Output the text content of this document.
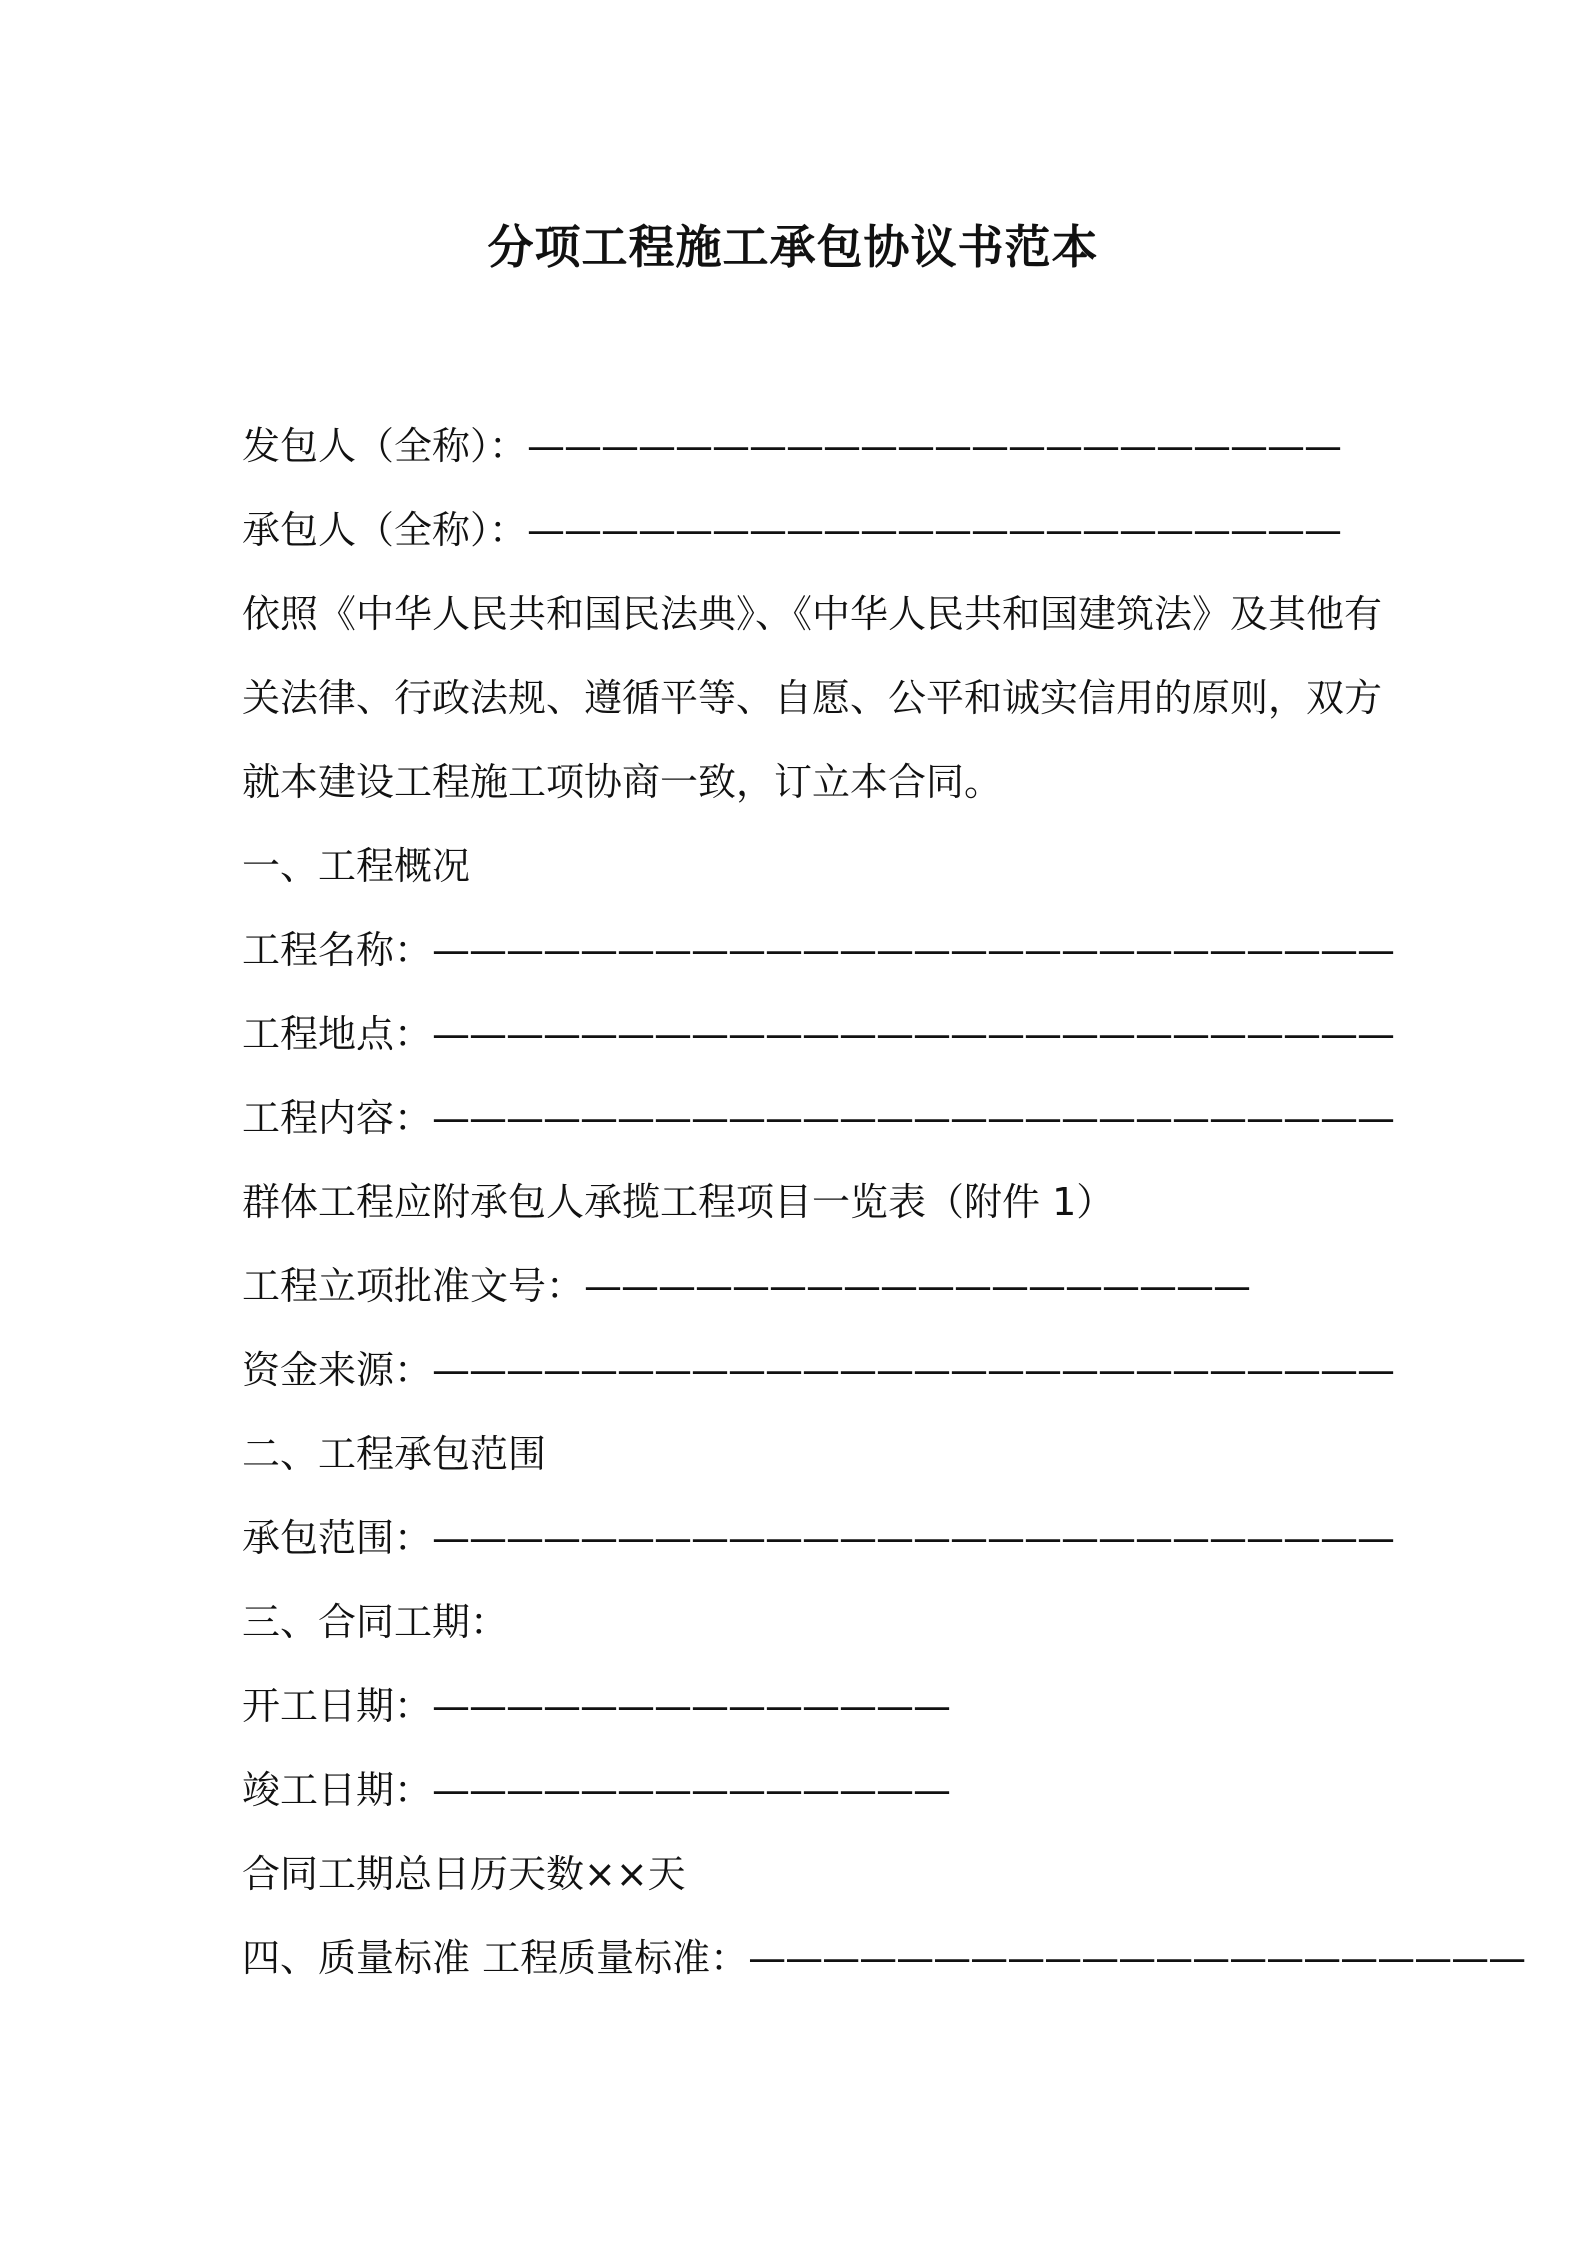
分项工程施工承包协议书范本
发包人（全称）：——————————————————————
承包人（全称）：——————————————————————
依照《中华人民共和国民法典》、《中华人民共和国建筑法》及其他有
关法律、行政法规、遵循平等、自愿、公平和诚实信用的原则，双方
就本建设工程施工项协商一致，订立本合同。
一、工程概况
工程名称：——————————————————————————
工程地点：——————————————————————————
工程内容：——————————————————————————
群体工程应附承包人承揽工程项目一览表（附件 1）
工程立项批准文号：——————————————————
资金来源：——————————————————————————
二、工程承包范围
承包范围：——————————————————————————
三、合同工期：
开工日期：——————————————
竣工日期：——————————————
合同工期总日历天数××天
四、质量标准 工程质量标准：—————————————————————
